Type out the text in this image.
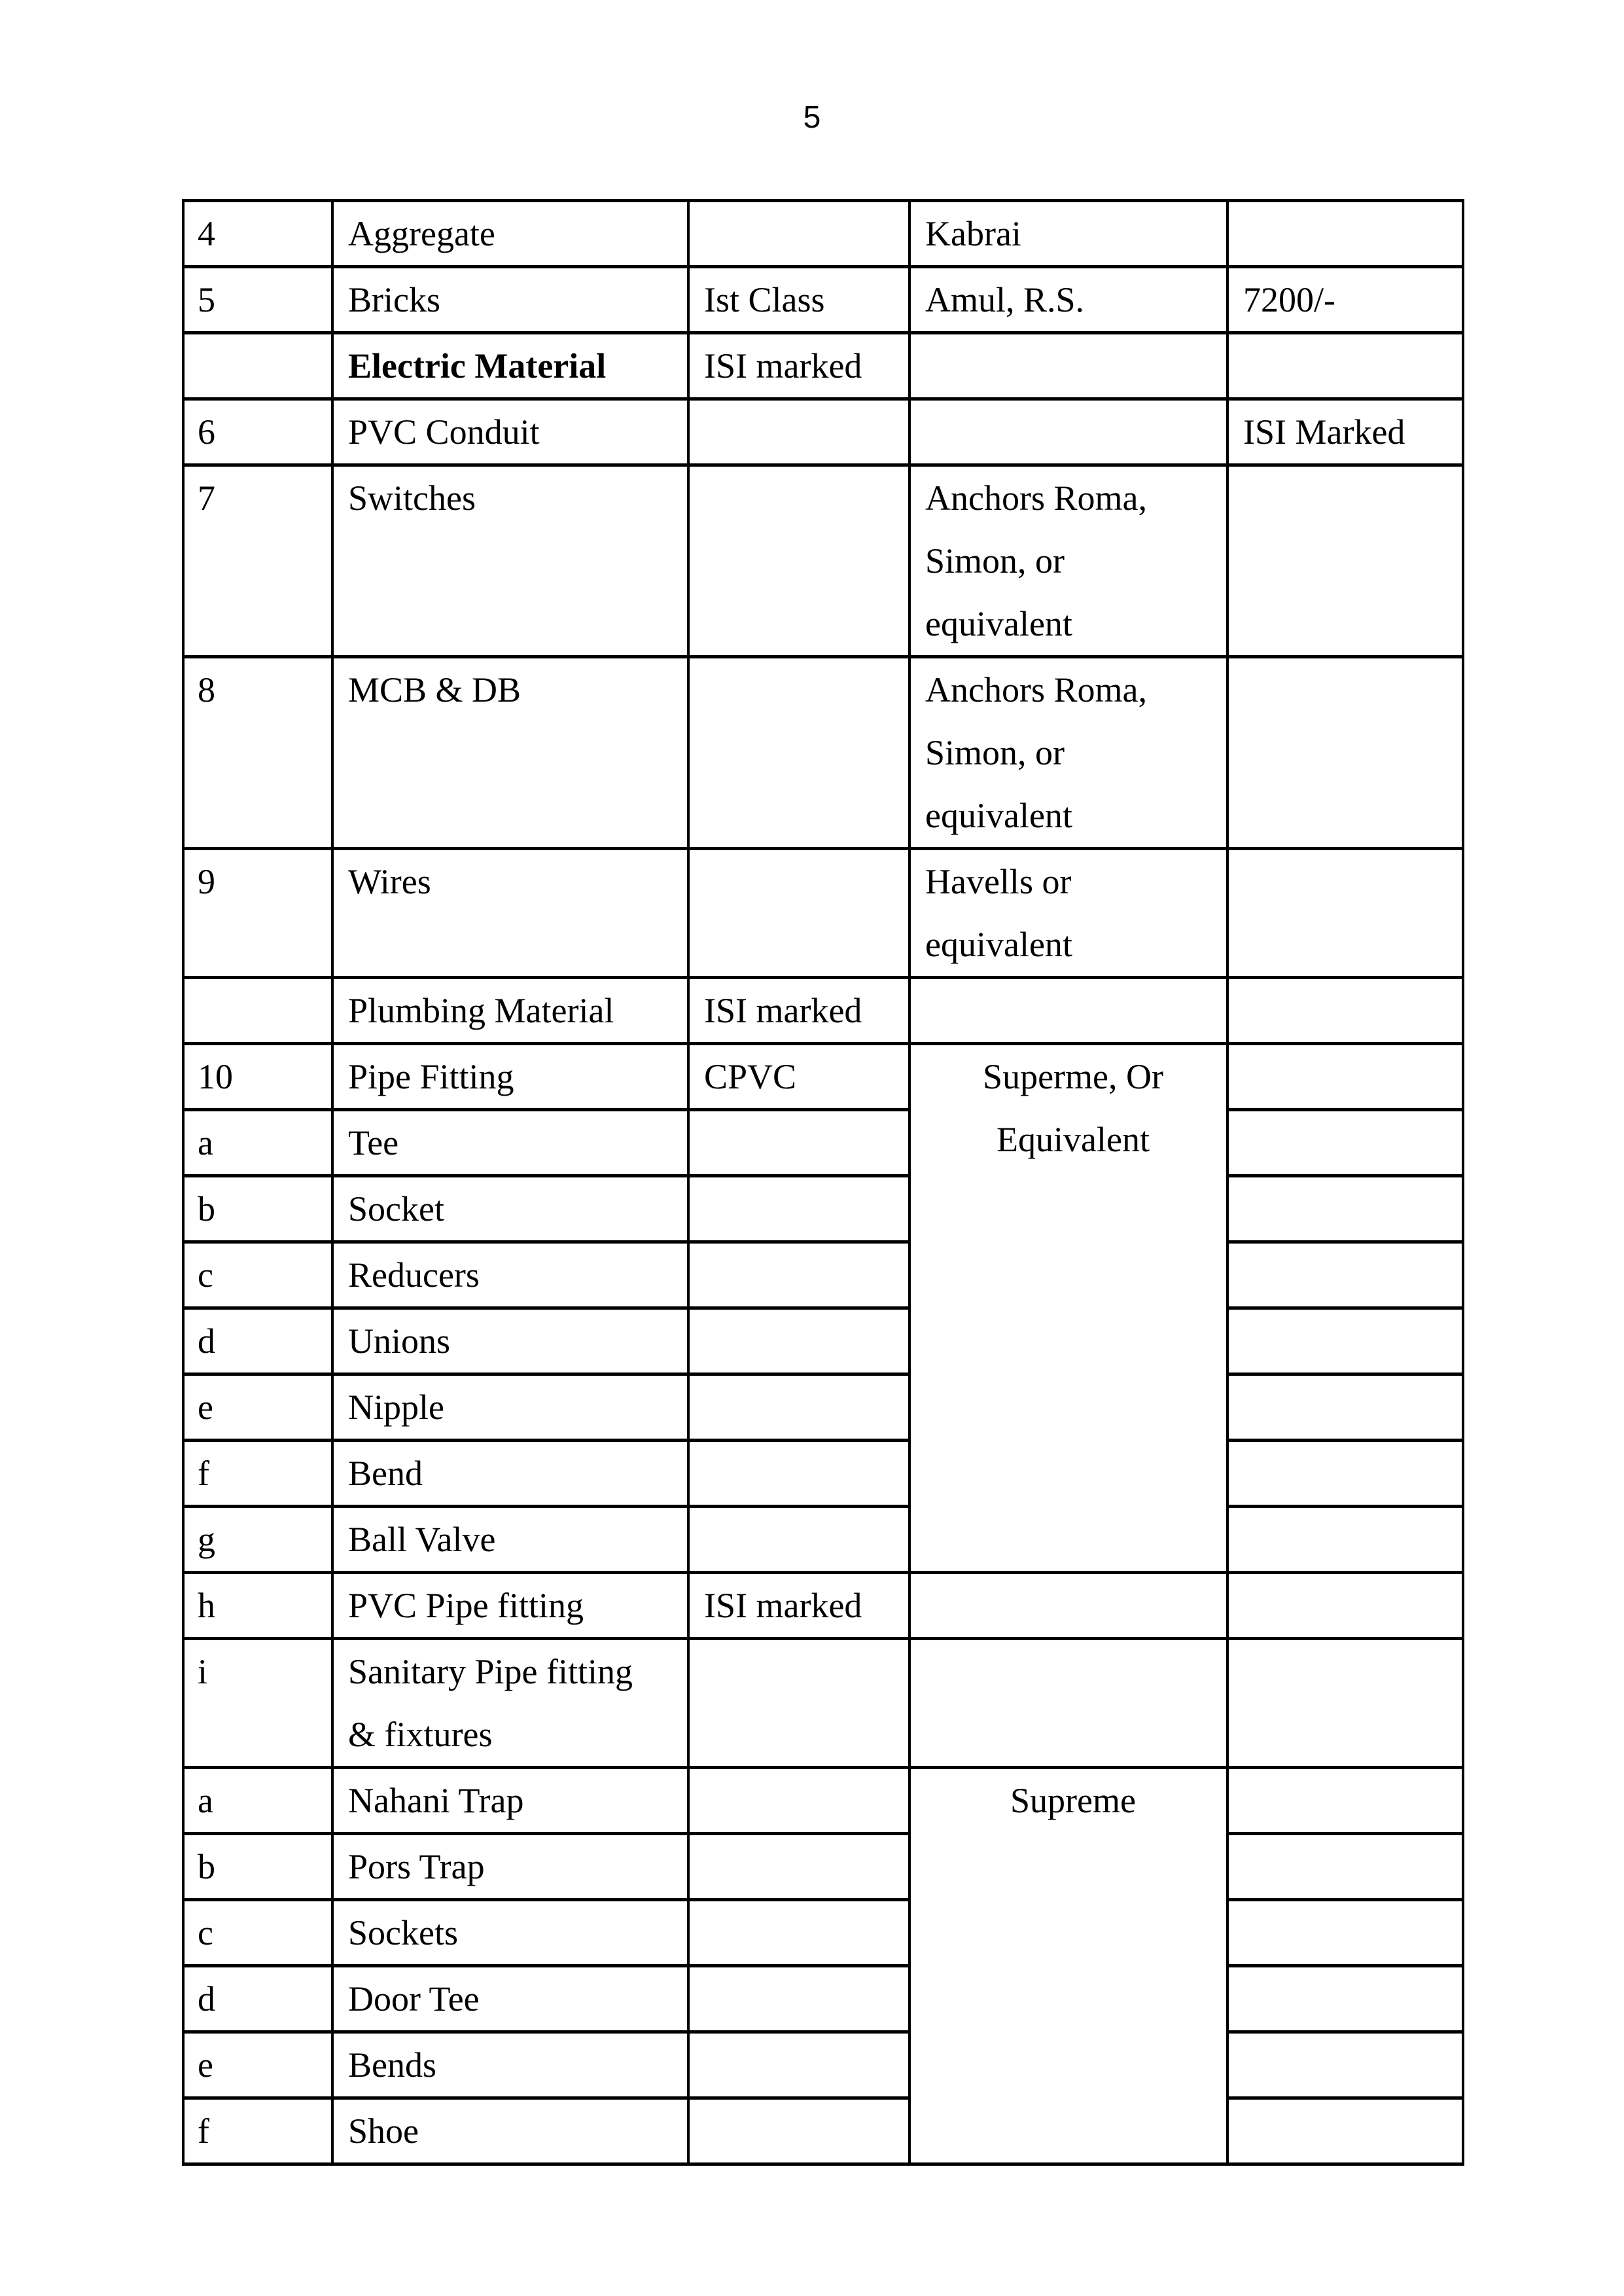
5
4	Aggregate		Kabrai	
5	Bricks	Ist Class	Amul, R.S.	7200/-
	Electric Material	ISI marked		
6	PVC Conduit			ISI Marked
7	Switches		Anchors Roma,
Simon, or
equivalent	

8	MCB & DB		Anchors Roma,
Simon, or
equivalent	

9	Wires		Havells or
equivalent	

	Plumbing Material	ISI marked		
10	Pipe Fitting	CPVC	Superme, Or
Equivalent	

a	Tee			
b	Socket			
c	Reducers			
d	Unions			
e	Nipple			
f	Bend			
g	Ball Valve			
h	PVC Pipe fitting	ISI marked		
i	Sanitary Pipe fitting
& fixtures			

a	Nahani Trap		Supreme	

b	Pors Trap			
c	Sockets			
d	Door Tee			
e	Bends			
f	Shoe			
